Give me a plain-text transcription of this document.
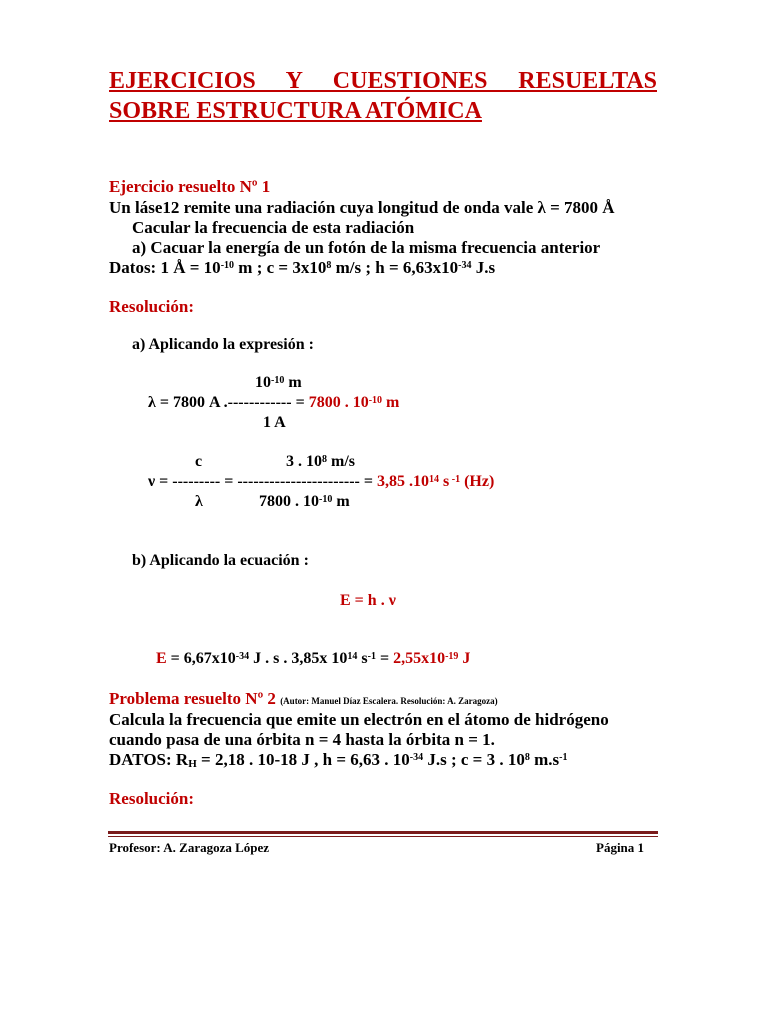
EJERCICIOS Y CUESTIONES RESUELTAS
SOBRE ESTRUCTURA ATÓMICA
Ejercicio resuelto Nº 1
Un láse12 remite una radiación cuya longitud de onda vale λ = 7800 Å
Cacular la frecuencia de esta radiación
a) Cacuar la energía de un fotón de la misma frecuencia anterior
Datos: 1 Å = $10^{-10}$ m ; $c = 3x10^8$ m/s ; $h = 6,63x10^{-34}$ J.s
Resolución:
a) Aplicando la expresión :
$10^{-10}$ m
λ = 7800 A .------------ = 7800 . $10^{-10}$ m
1 A
c	3 . $10^8$ m/s
ν = --------- = ----------------------- = 3,85 $.10^{14}$ s $^{-1}$ (Hz)
λ	7800 . $10^{-10}$ m
b) Aplicando la ecuación :
E = h . ν
$E = 6,67x10^{-34}$ J . s . 3,85x $10^{14}$ $s^{-1} = 2,55x10^{-19}$ J
Problema resuelto Nº 2 (Autor: Manuel Díaz Escalera. Resolución: A. Zaragoza)
Calcula la frecuencia que emite un electrón en el átomo de hidrógeno
cuando pasa de una órbita n = 4 hasta la órbita n = 1.
DATOS: $R_H = 2,18$ . 10-18 J , h = 6,63 . $10^{-34}$ J.s ; c = 3 . $10^8$ $m.s^{-1}$
Resolución:
Profesor: A. Zaragoza López	Página 1
